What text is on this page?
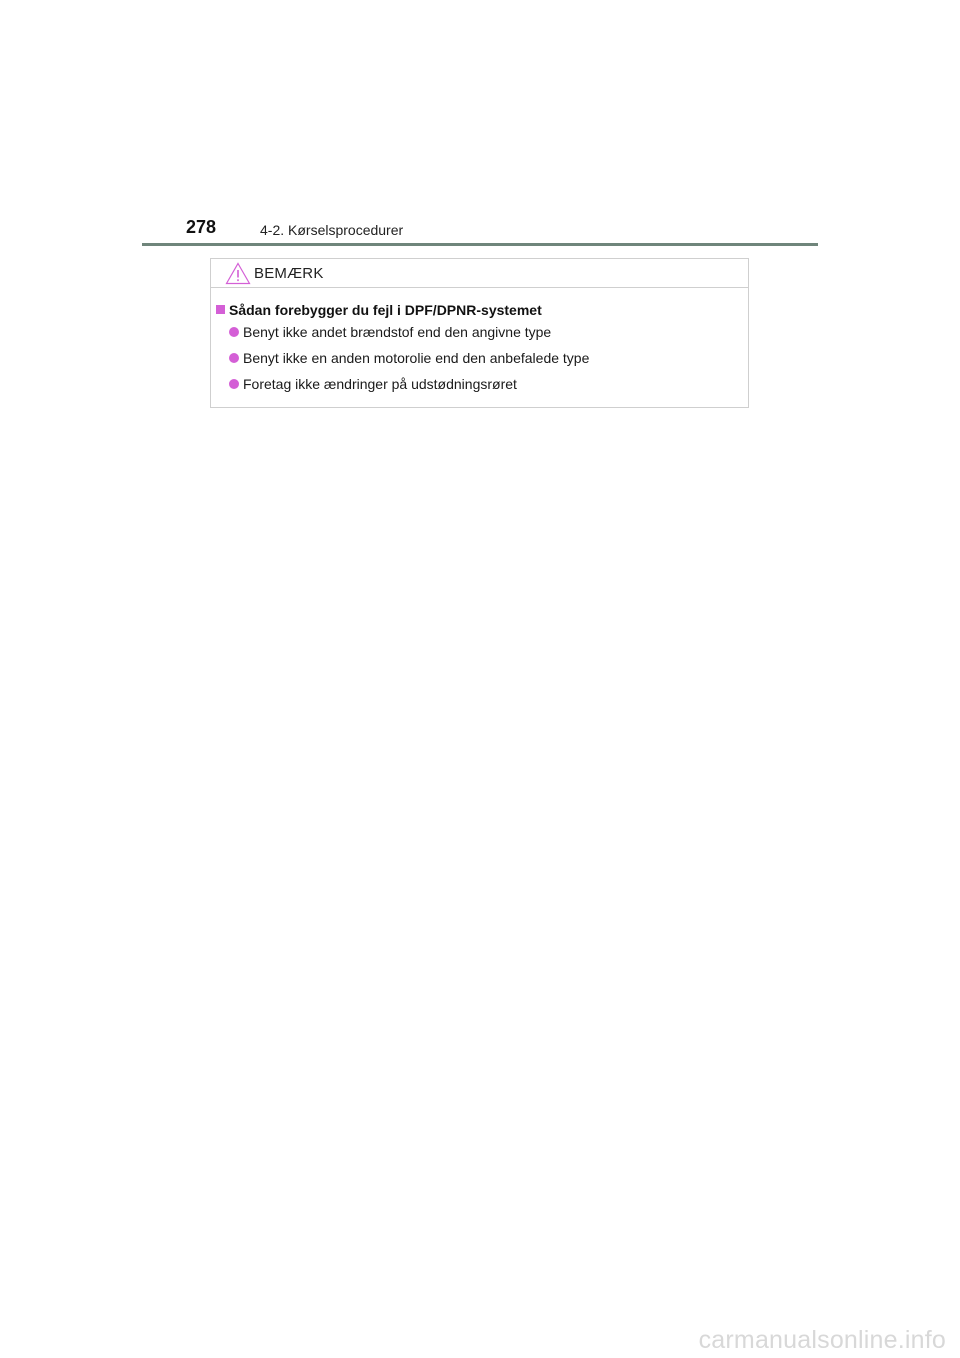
278	4-2. Kørselsprocedurer
BEMÆRK
Sådan forebygger du fejl i DPF/DPNR-systemet
Benyt ikke andet brændstof end den angivne type
Benyt ikke en anden motorolie end den anbefalede type
Foretag ikke ændringer på udstødningsrøret
carmanualsonline.info
